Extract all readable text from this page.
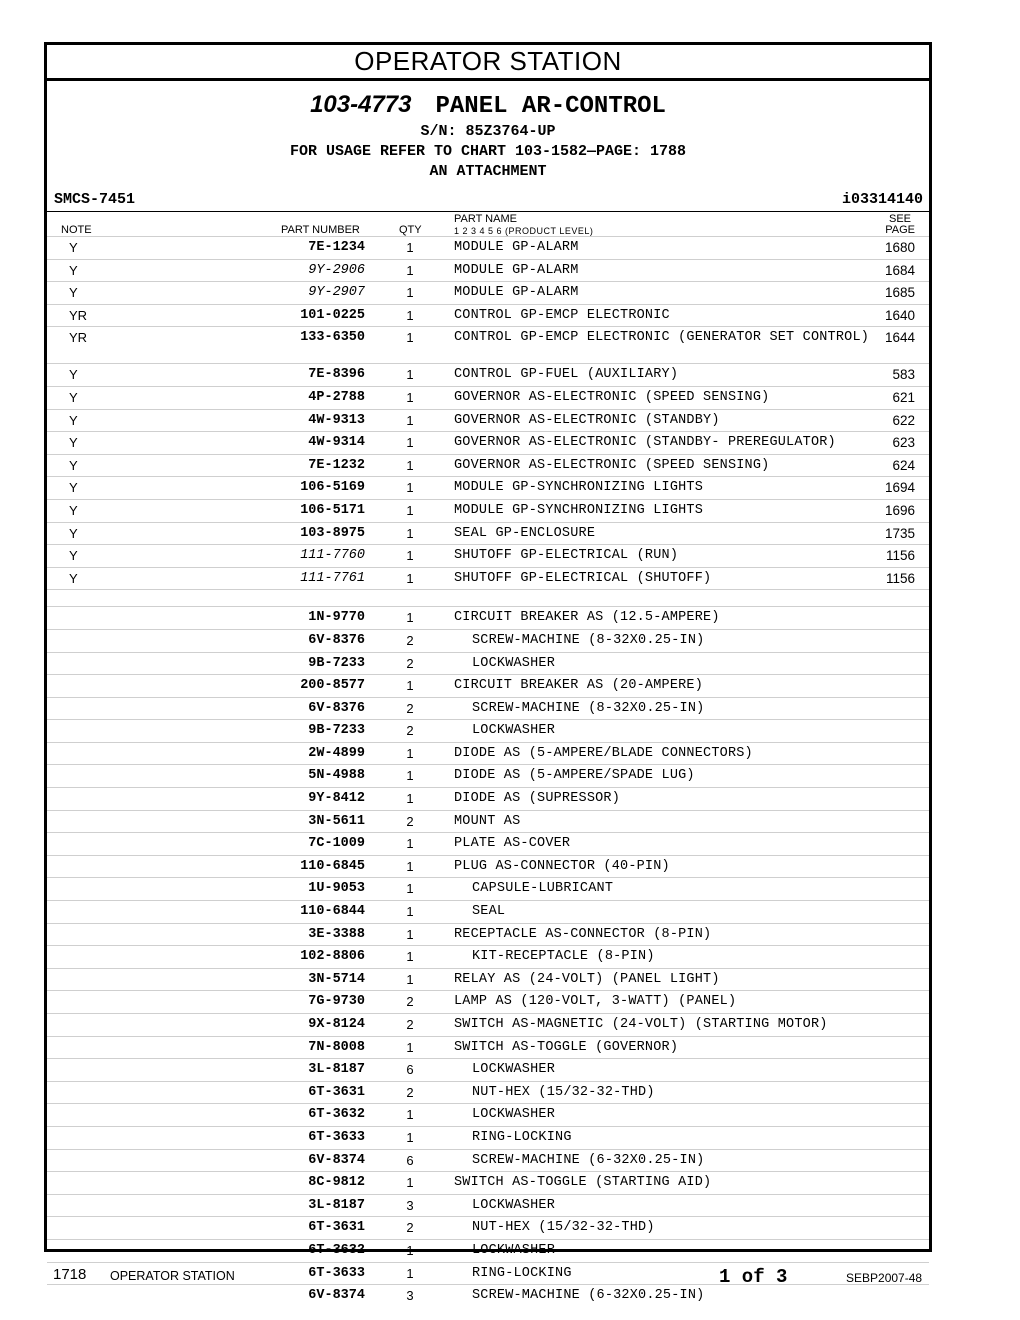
OPERATOR STATION
103-4773 PANEL AR-CONTROL
S/N: 85Z3764-UP
FOR USAGE REFER TO CHART 103-1582—PAGE: 1788
AN ATTACHMENT
SMCS-7451	i03314140
NOTE	PART NUMBER	QTY
PART NAME
1 2 3 4 5 6 (PRODUCT LEVEL)
SEE
PAGE
Y	7E-1234	1	MODULE GP-ALARM	1680
Y	9Y-2906	1	MODULE GP-ALARM	1684
Y	9Y-2907	1	MODULE GP-ALARM	1685
YR	101-0225	1	CONTROL GP-EMCP ELECTRONIC	1640
YR	133-6350	1	CONTROL GP-EMCP ELECTRONIC (GENERATOR SET CONTROL)	1644
Y	7E-8396	1	CONTROL GP-FUEL (AUXILIARY)	583
Y	4P-2788	1	GOVERNOR AS-ELECTRONIC (SPEED SENSING)	621
Y	4W-9313	1	GOVERNOR AS-ELECTRONIC (STANDBY)	622
Y	4W-9314	1	GOVERNOR AS-ELECTRONIC (STANDBY- PREREGULATOR)	623
Y	7E-1232	1	GOVERNOR AS-ELECTRONIC (SPEED SENSING)	624
Y	106-5169	1	MODULE GP-SYNCHRONIZING LIGHTS	1694
Y	106-5171	1	MODULE GP-SYNCHRONIZING LIGHTS	1696
Y	103-8975	1	SEAL GP-ENCLOSURE	1735
Y	111-7760	1	SHUTOFF GP-ELECTRICAL (RUN)	1156
Y	111-7761	1	SHUTOFF GP-ELECTRICAL (SHUTOFF)	1156
1N-9770	1	CIRCUIT BREAKER AS (12.5-AMPERE)
6V-8376	2	SCREW-MACHINE (8-32X0.25-IN)
9B-7233	2	LOCKWASHER
200-8577	1	CIRCUIT BREAKER AS (20-AMPERE)
6V-8376	2	SCREW-MACHINE (8-32X0.25-IN)
9B-7233	2	LOCKWASHER
2W-4899	1	DIODE AS (5-AMPERE/BLADE CONNECTORS)
5N-4988	1	DIODE AS (5-AMPERE/SPADE LUG)
9Y-8412	1	DIODE AS (SUPRESSOR)
3N-5611	2	MOUNT AS
7C-1009	1	PLATE AS-COVER
110-6845	1	PLUG AS-CONNECTOR (40-PIN)
1U-9053	1	CAPSULE-LUBRICANT
110-6844	1	SEAL
3E-3388	1	RECEPTACLE AS-CONNECTOR (8-PIN)
102-8806	1	KIT-RECEPTACLE (8-PIN)
3N-5714	1	RELAY AS (24-VOLT) (PANEL LIGHT)
7G-9730	2	LAMP AS (120-VOLT, 3-WATT) (PANEL)
9X-8124	2	SWITCH AS-MAGNETIC (24-VOLT) (STARTING MOTOR)
7N-8008	1	SWITCH AS-TOGGLE (GOVERNOR)
3L-8187	6	LOCKWASHER
6T-3631	2	NUT-HEX (15/32-32-THD)
6T-3632	1	LOCKWASHER
6T-3633	1	RING-LOCKING
6V-8374	6	SCREW-MACHINE (6-32X0.25-IN)
8C-9812	1	SWITCH AS-TOGGLE (STARTING AID)
3L-8187	3	LOCKWASHER
6T-3631	2	NUT-HEX (15/32-32-THD)
6T-3632	1	LOCKWASHER
6T-3633	1	RING-LOCKING
6V-8374	3	SCREW-MACHINE (6-32X0.25-IN)
1718 OPERATOR STATION	1 of 3	SEBP2007-48
